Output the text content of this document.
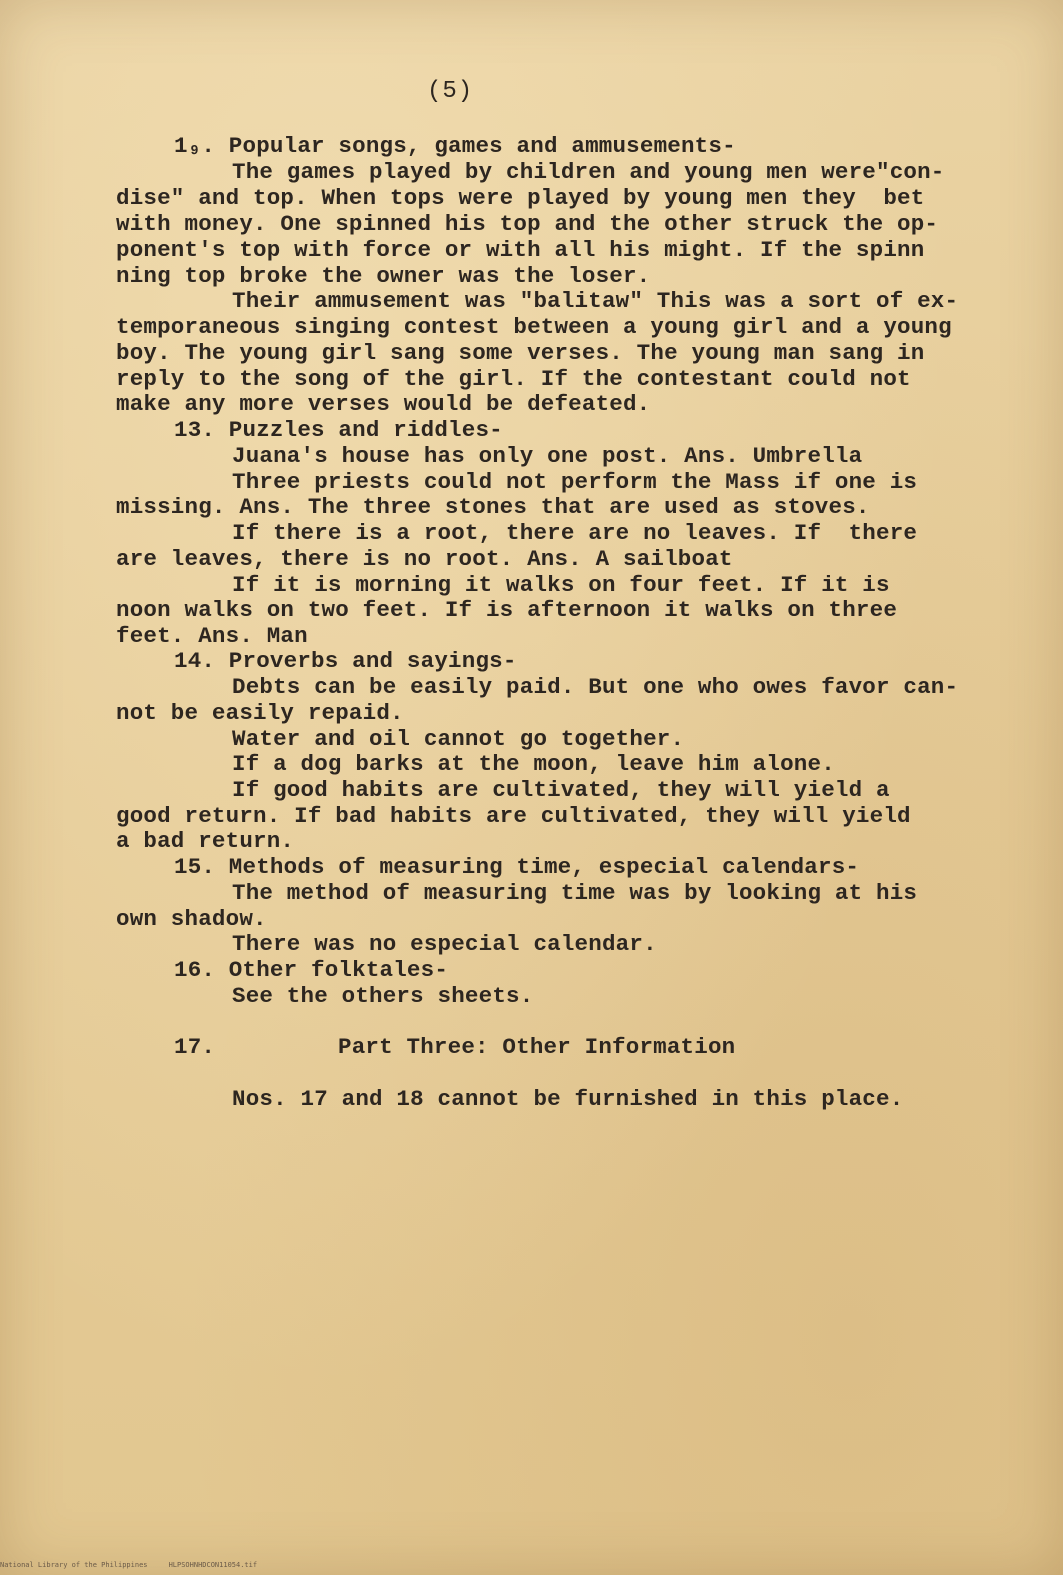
(5)
1₉. Popular songs, games and ammusements-
The games played by children and young men were"con-
dise" and top. When tops were played by young men they  bet
with money. One spinned his top and the other struck the op-
ponent's top with force or with all his might. If the spinn
ning top broke the owner was the loser.
Their ammusement was "balitaw" This was a sort of ex-
temporaneous singing contest between a young girl and a young
boy. The young girl sang some verses. The young man sang in
reply to the song of the girl. If the contestant could not
make any more verses would be defeated.
13. Puzzles and riddles-
Juana's house has only one post. Ans. Umbrella
Three priests could not perform the Mass if one is
missing. Ans. The three stones that are used as stoves.
If there is a root, there are no leaves. If  there
are leaves, there is no root. Ans. A sailboat
If it is morning it walks on four feet. If it is
noon walks on two feet. If is afternoon it walks on three
feet. Ans. Man
14. Proverbs and sayings-
Debts can be easily paid. But one who owes favor can-
not be easily repaid.
Water and oil cannot go together.
If a dog barks at the moon, leave him alone.
If good habits are cultivated, they will yield a
good return. If bad habits are cultivated, they will yield
a bad return.
15. Methods of measuring time, especial calendars-
The method of measuring time was by looking at his
own shadow.
There was no especial calendar.
16. Other folktales-
See the others sheets.
17.	Part Three: Other Information
Nos. 17 and 18 cannot be furnished in this place.
National Library of the Philippines     HLPSOHNHDCON11054.tif
